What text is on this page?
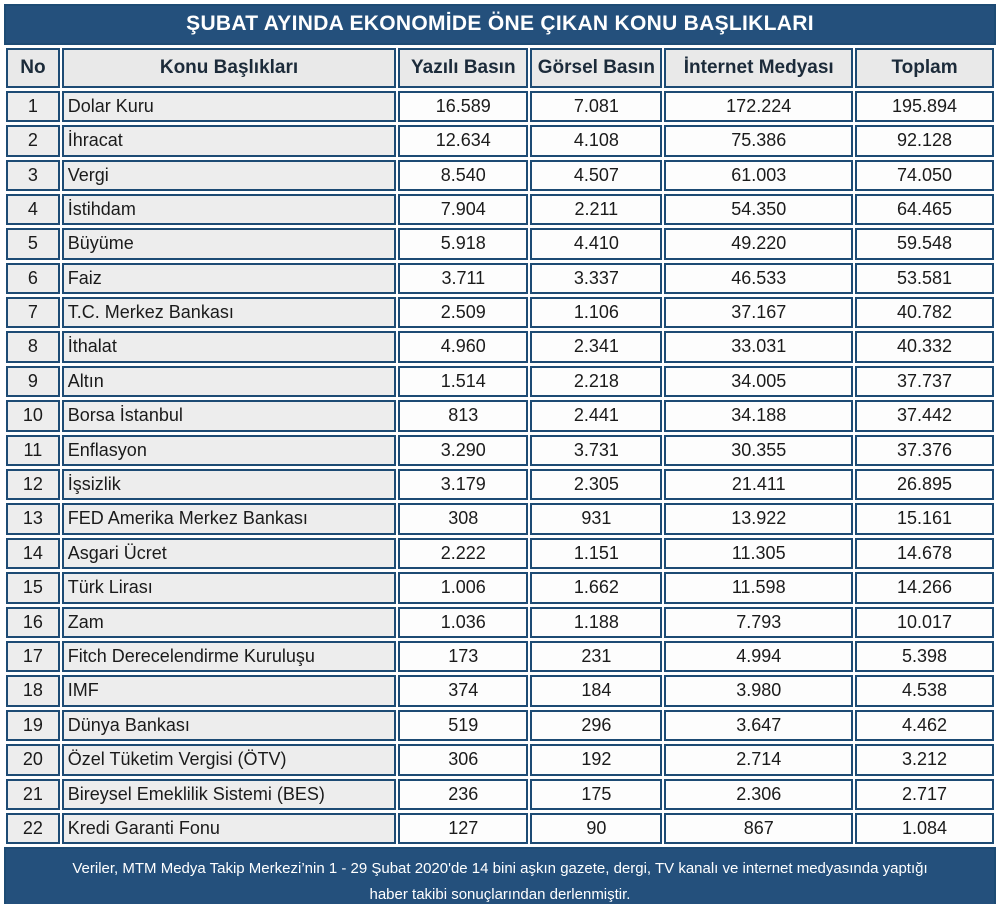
ŞUBAT AYINDA EKONOMİDE ÖNE ÇIKAN KONU BAŞLIKLARI
No	Konu Başlıkları	Yazılı Basın	Görsel Basın	İnternet Medyası	Toplam
1	Dolar Kuru	16.589	7.081	172.224	195.894
2	İhracat	12.634	4.108	75.386	92.128
3	Vergi	8.540	4.507	61.003	74.050
4	İstihdam	7.904	2.211	54.350	64.465
5	Büyüme	5.918	4.410	49.220	59.548
6	Faiz	3.711	3.337	46.533	53.581
7	T.C. Merkez Bankası	2.509	1.106	37.167	40.782
8	İthalat	4.960	2.341	33.031	40.332
9	Altın	1.514	2.218	34.005	37.737
10	Borsa İstanbul	813	2.441	34.188	37.442
11	Enflasyon	3.290	3.731	30.355	37.376
12	İşsizlik	3.179	2.305	21.411	26.895
13	FED Amerika Merkez Bankası	308	931	13.922	15.161
14	Asgari Ücret	2.222	1.151	11.305	14.678
15	Türk Lirası	1.006	1.662	11.598	14.266
16	Zam	1.036	1.188	7.793	10.017
17	Fitch Derecelendirme Kuruluşu	173	231	4.994	5.398
18	IMF	374	184	3.980	4.538
19	Dünya Bankası	519	296	3.647	4.462
20	Özel Tüketim Vergisi (ÖTV)	306	192	2.714	3.212
21	Bireysel Emeklilik Sistemi (BES)	236	175	2.306	2.717
22	Kredi Garanti Fonu	127	90	867	1.084
Veriler, MTM Medya Takip Merkezi’nin 1 - 29 Şubat 2020'de 14 bini aşkın gazete, dergi, TV kanalı ve internet medyasında yaptığı
haber takibi sonuçlarından derlenmiştir.
